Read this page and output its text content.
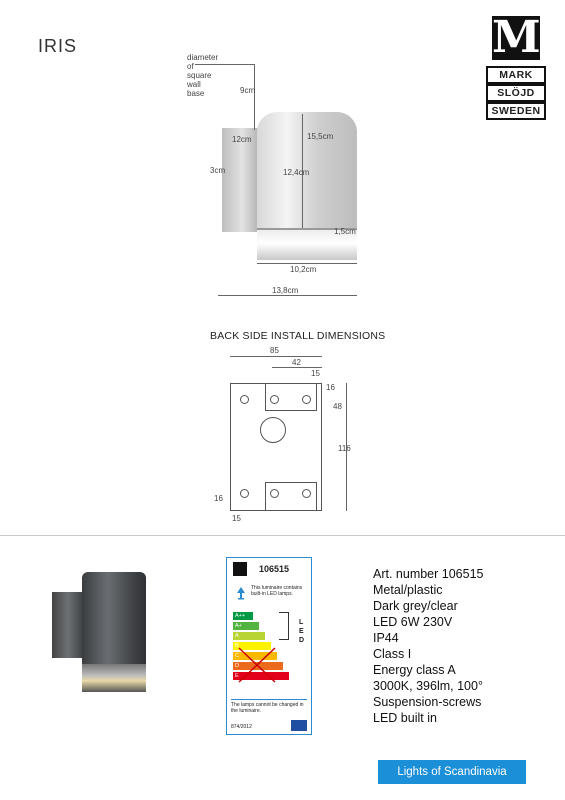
IRIS	M
MARK
SLÖJD
SWEDEN
diameter of square wall base	9cm
12cm	15,5cm
3cm	12,4cm
1,5cm
10,2cm
13,8cm
BACK SIDE INSTALL DIMENSIONS
85
42
15
16
48
116
16
15
106515
This luminaire contains built-in LED lamps.
A++
A+
A
B
C
D
E
LED
The lamps cannot be changed in the luminaire.
874/2012
Art. number 106515
Metal/plastic
Dark grey/clear
LED 6W 230V
IP44
Class I
Energy class A
3000K, 396lm, 100°
Suspension-screws
LED built in
Lights of Scandinavia
